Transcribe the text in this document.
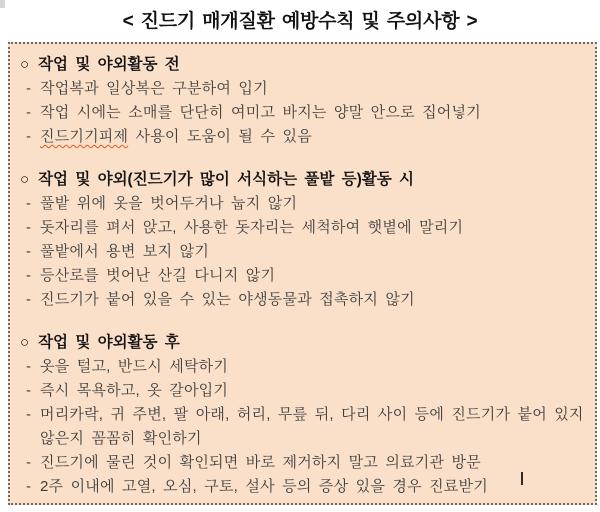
< 진드기 매개질환 예방수칙 및 주의사항 >
○ 작업 및 야외활동 전
- 작업복과 일상복은 구분하여 입기
- 작업 시에는 소매를 단단히 여미고 바지는 양말 안으로 집어넣기
- 진드기기피제 사용이 도움이 될 수 있음
○ 작업 및 야외(진드기가 많이 서식하는 풀밭 등)활동 시
- 풀밭 위에 옷을 벗어두거나 눕지 않기
- 돗자리를 펴서 앉고, 사용한 돗자리는 세척하여 햇볕에 말리기
- 풀밭에서 용변 보지 않기
- 등산로를 벗어난 산길 다니지 않기
- 진드기가 붙어 있을 수 있는 야생동물과 접촉하지 않기
○ 작업 및 야외활동 후
- 옷을 털고, 반드시 세탁하기
- 즉시 목욕하고, 옷 갈아입기
- 머리카락, 귀 주변, 팔 아래, 허리, 무릎 뒤, 다리 사이 등에 진드기가 붙어 있지 않은지 꼼꼼히 확인하기
- 진드기에 물린 것이 확인되면 바로 제거하지 말고 의료기관 방문
- 2주 이내에 고열, 오심, 구토, 설사 등의 증상 있을 경우 진료받기
